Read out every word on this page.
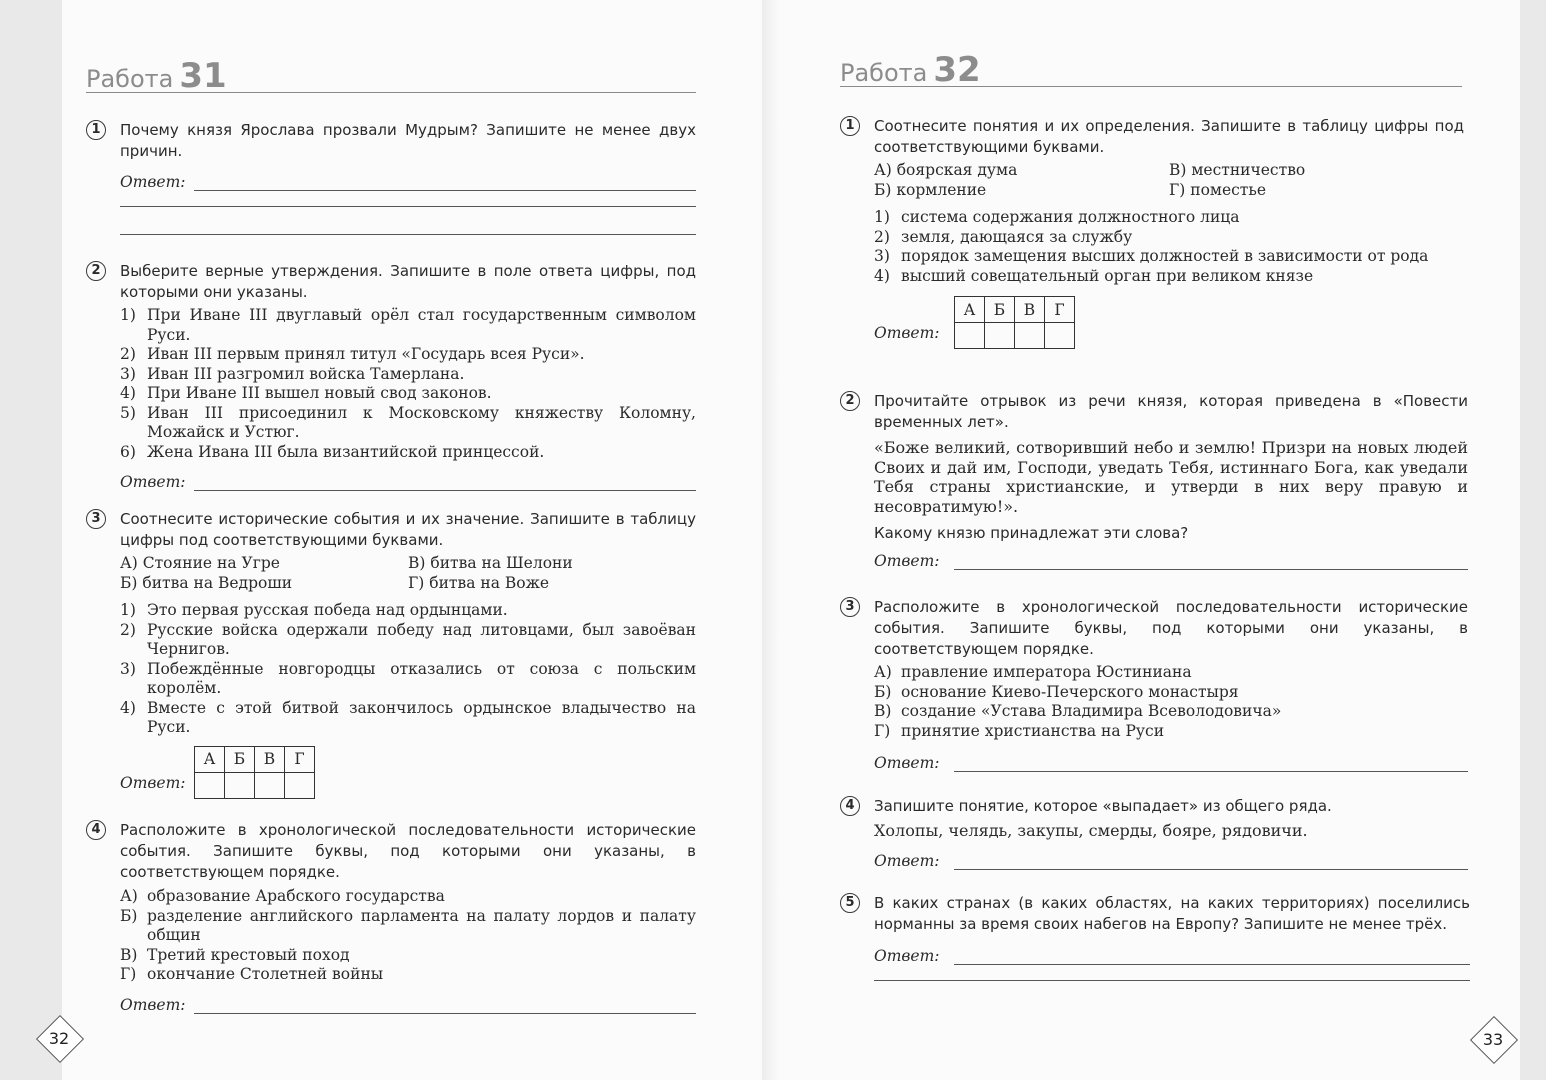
Работа 31
1	Почему князя Ярослава прозвали Мудрым? Запишите не менее двух причин.
Ответ:
2	Выберите верные утверждения. Запишите в поле ответа цифры, под которыми они указаны.
1) При Иване III двуглавый орёл стал государственным символом Руси.
2) Иван III первым принял титул «Государь всея Руси».
3) Иван III разгромил войска Тамерлана.
4) При Иване III вышел новый свод законов.
5) Иван III присоединил к Московскому княжеству Коломну, Можайск и Устюг.
6) Жена Ивана III была византийской принцессой.
Ответ:
3	Соотнесите исторические события и их значение. Запишите в таблицу цифры под соответствующими буквами.
А) Стояние на Угре	В) битва на Шелони
Б) битва на Ведроши	Г) битва на Воже
1) Это первая русская победа над ордынцами.
2) Русские войска одержали победу над литовцами, был завоёван Чернигов.
3) Побеждённые новгородцы отказались от союза с польским королём.
4) Вместе с этой битвой закончилось ордынское владычество на Руси.
Ответ:
А	Б	В	Г

4	Расположите в хронологической последовательности исторические события. Запишите буквы, под которыми они указаны, в соответствующем порядке.
А) образование Арабского государства
Б) разделение английского парламента на палату лордов и палату общин
В) Третий крестовый поход
Г) окончание Столетней войны
Ответ:
32
Работа 32
1	Соотнесите понятия и их определения. Запишите в таблицу цифры под соответствующими буквами.
А) боярская дума	В) местничество
Б) кормление	Г) поместье
1) система содержания должностного лица
2) земля, дающаяся за службу
3) порядок замещения высших должностей в зависимости от рода
4) высший совещательный орган при великом князе
Ответ:
А	Б	В	Г

2	Прочитайте отрывок из речи князя, которая приведена в «Повести временных лет».
«Боже великий, сотворивший небо и землю! Призри на новых людей Своих и дай им, Господи, уведать Тебя, истиннаго Бога, как уведали Тебя страны христианские, и утверди в них веру правую и несовратимую!».
Какому князю принадлежат эти слова?
Ответ:
3	Расположите в хронологической последовательности исторические события. Запишите буквы, под которыми они указаны, в соответствующем порядке.
А) правление императора Юстиниана
Б) основание Киево-Печерского монастыря
В) создание «Устава Владимира Всеволодовича»
Г) принятие христианства на Руси
Ответ:
4	Запишите понятие, которое «выпадает» из общего ряда.
Холопы, челядь, закупы, смерды, бояре, рядовичи.
Ответ:
5	В каких странах (в каких областях, на каких территориях) поселились норманны за время своих набегов на Европу? Запишите не менее трёх.
Ответ:
33
